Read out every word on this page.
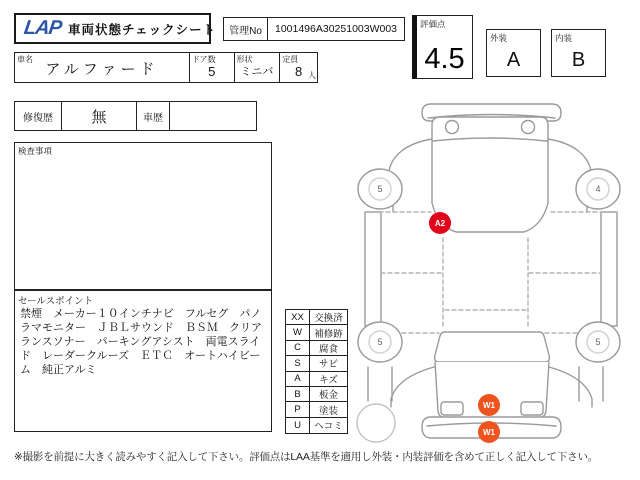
LAP 車両状態チェックシート	管理No	1001496A30251003W003	評価点
4.5
外装
A
内装
B
車名
アルファード
ドア数
5
形状
ミニバ
定員
8 人
修復歴	無	車歴
検査事項
セールスポイント
禁煙　メーカー１０インチナビ　フルセグ　パノラマモニター　ＪＢＬサウンド　ＢＳＭ　クリアランスソナー　パーキングアシスト　両電スライド　レーダークルーズ　ＥＴＣ　オートハイビーム　純正アルミ
XX	交換済
W	補修跡
C	腐食
S	サビ
A	キズ
B	板金
P	塗装
U	ヘコミ
5	4
5	5
A2
W1
W1
※撮影を前提に大きく読みやすく記入して下さい。評価点はLAA基準を適用し外装・内装評価を含めて正しく記入して下さい。
